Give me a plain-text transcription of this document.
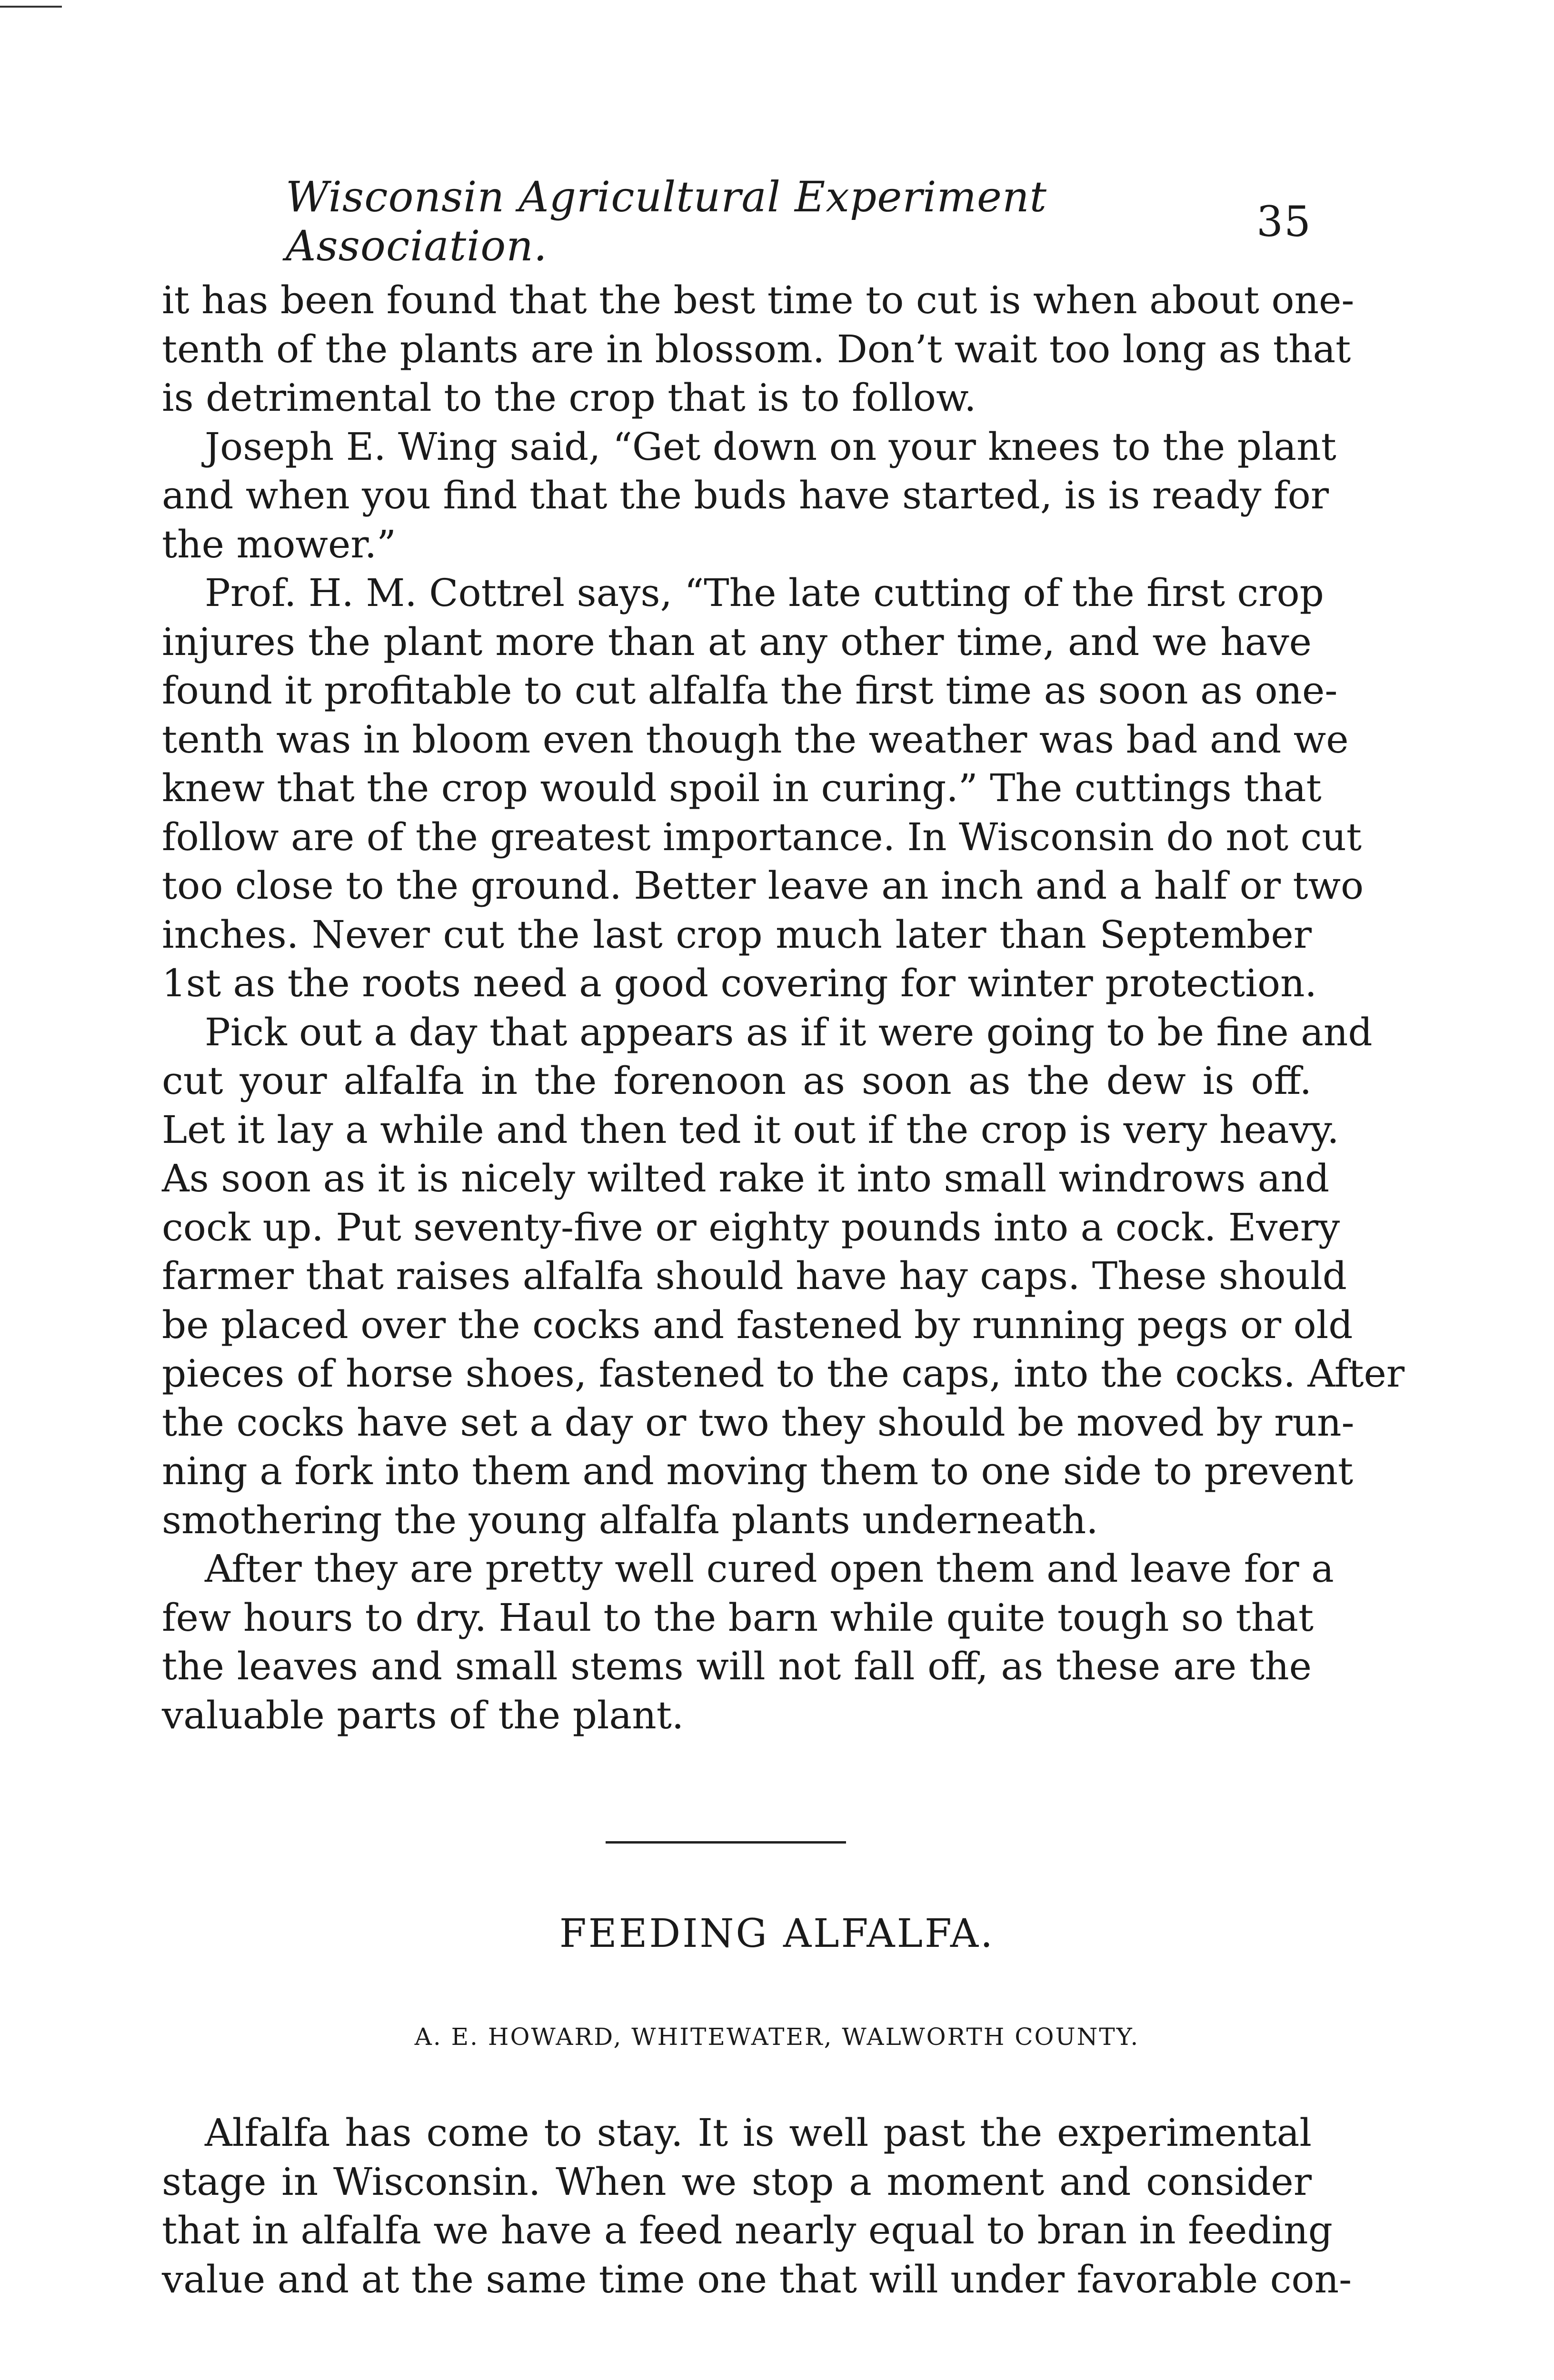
Wisconsin Agricultural Experiment Association.	35
it has been found that the best time to cut is when about one-
tenth of the plants are in blossom. Don’t wait too long as that
is detrimental to the crop that is to follow.
Joseph E. Wing said, “Get down on your knees to the plant
and when you find that the buds have started, is is ready for
the mower.”
Prof. H. M. Cottrel says, “The late cutting of the first crop
injures the plant more than at any other time, and we have
found it profitable to cut alfalfa the first time as soon as one-
tenth was in bloom even though the weather was bad and we
knew that the crop would spoil in curing.” The cuttings that
follow are of the greatest importance. In Wisconsin do not cut
too close to the ground. Better leave an inch and a half or two
inches. Never cut the last crop much later than September
1st as the roots need a good covering for winter protection.
Pick out a day that appears as if it were going to be fine and
cut your alfalfa in the forenoon as soon as the dew is off.
Let it lay a while and then ted it out if the crop is very heavy.
As soon as it is nicely wilted rake it into small windrows and
cock up. Put seventy-five or eighty pounds into a cock. Every
farmer that raises alfalfa should have hay caps. These should
be placed over the cocks and fastened by running pegs or old
pieces of horse shoes, fastened to the caps, into the cocks. After
the cocks have set a day or two they should be moved by run-
ning a fork into them and moving them to one side to prevent
smothering the young alfalfa plants underneath.
After they are pretty well cured open them and leave for a
few hours to dry. Haul to the barn while quite tough so that
the leaves and small stems will not fall off, as these are the
valuable parts of the plant.
FEEDING ALFALFA.
A. E. HOWARD, WHITEWATER, WALWORTH COUNTY.
Alfalfa has come to stay. It is well past the experimental
stage in Wisconsin. When we stop a moment and consider
that in alfalfa we have a feed nearly equal to bran in feeding
value and at the same time one that will under favorable con-
